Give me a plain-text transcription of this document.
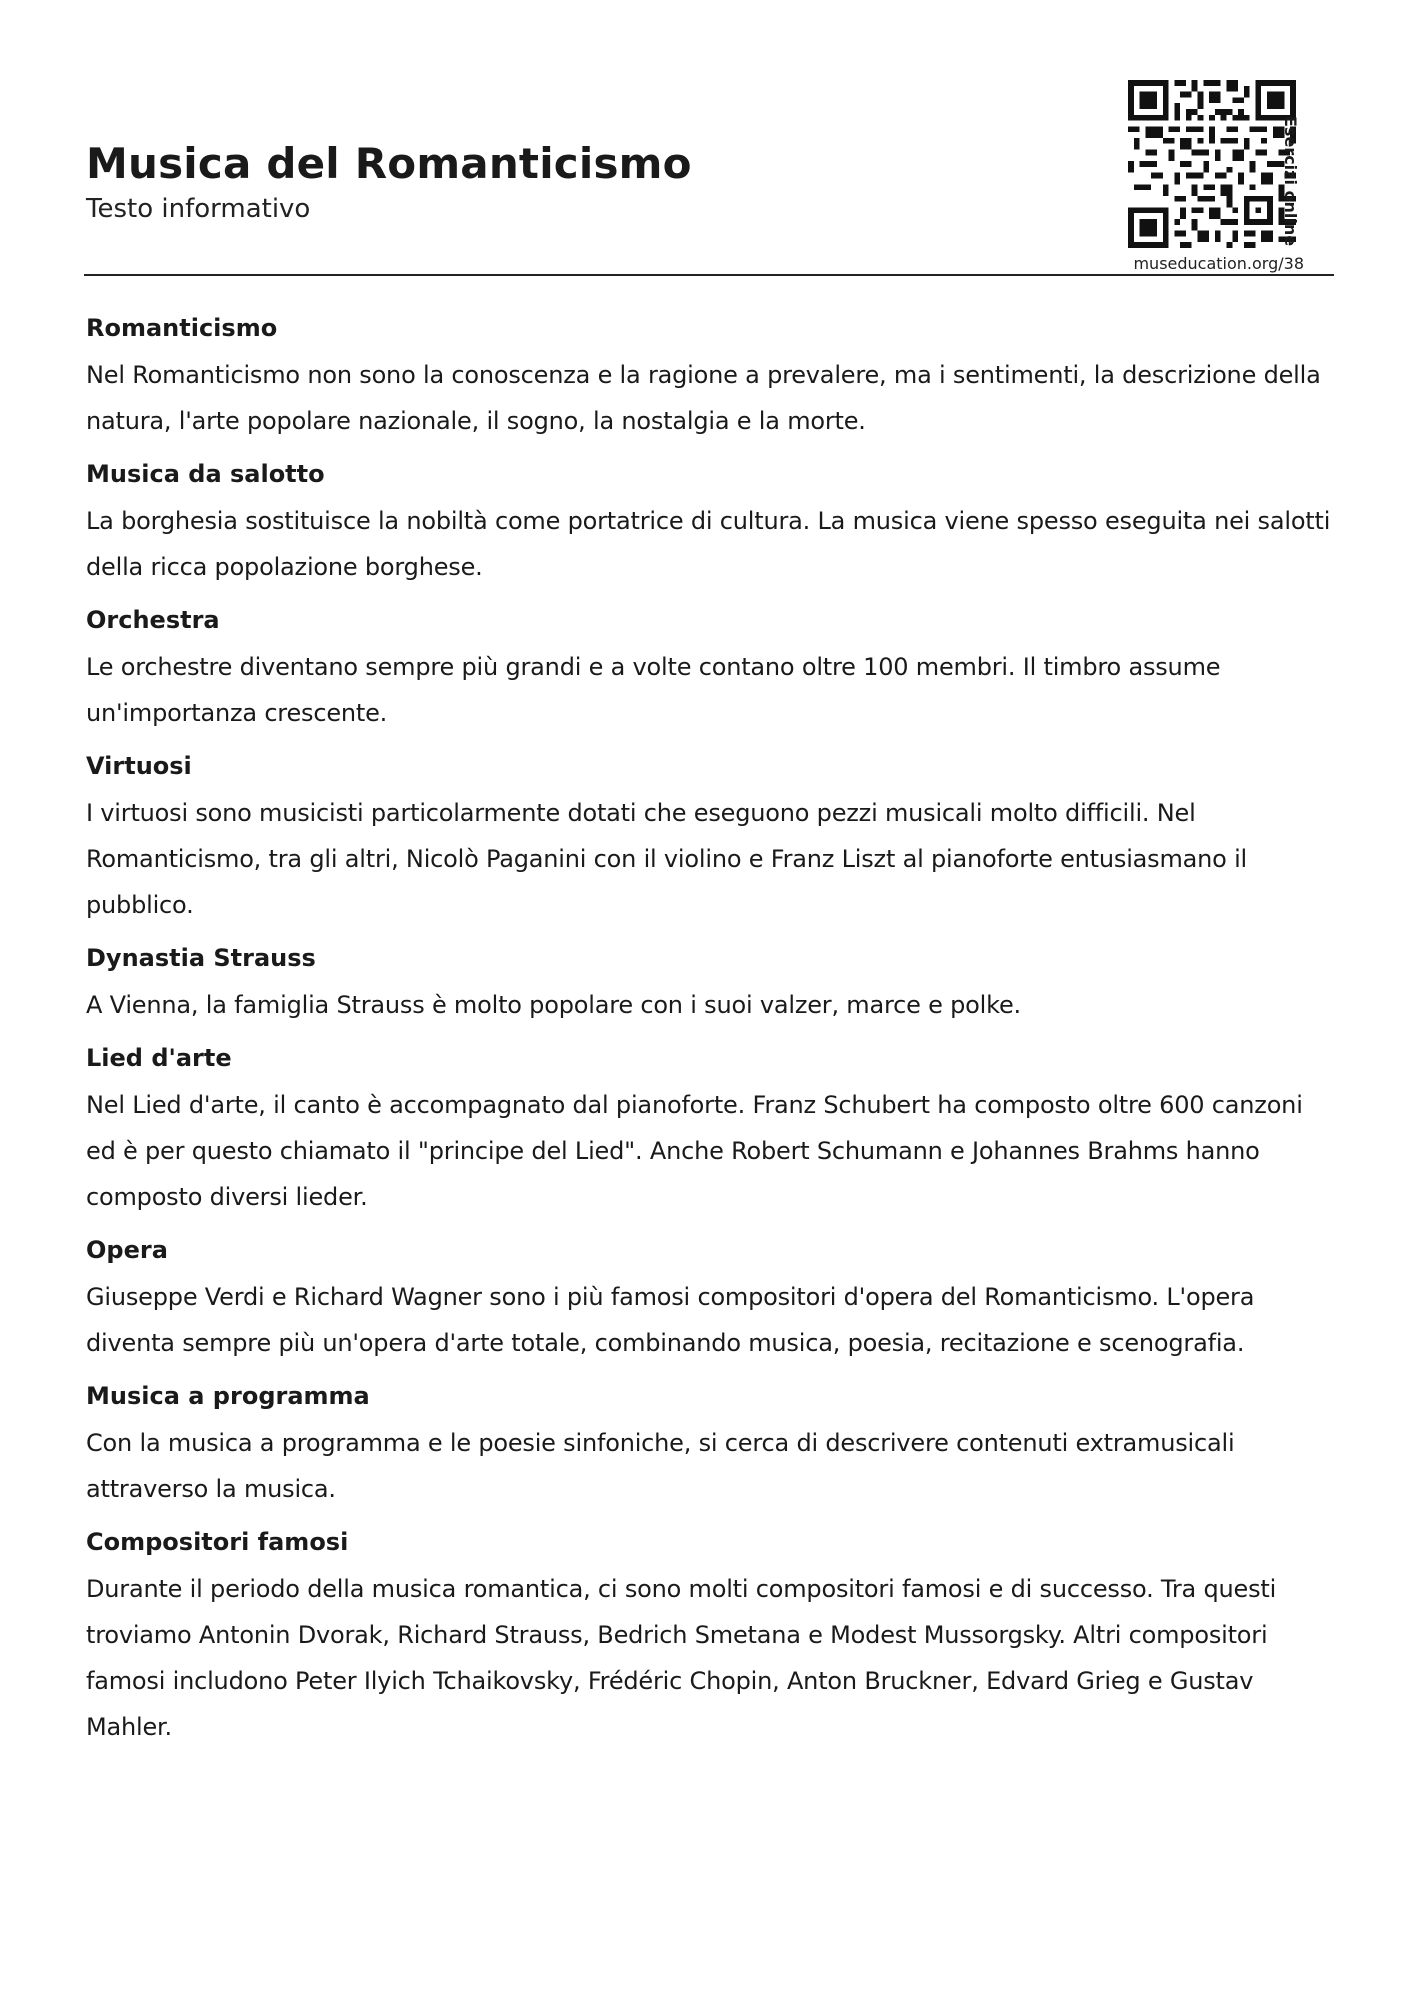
Musica del Romanticismo

Testo informativo	Esercizi online
museducation.org/38
Romanticismo

Nel Romanticismo non sono la conoscenza e la ragione a prevalere, ma i sentimenti, la descrizione della natura, l'arte popolare nazionale, il sogno, la nostalgia e la morte.

Musica da salotto

La borghesia sostituisce la nobiltà come portatrice di cultura. La musica viene spesso eseguita nei salotti della ricca popolazione borghese.

Orchestra

Le orchestre diventano sempre più grandi e a volte contano oltre 100 membri. Il timbro assume un'importanza crescente.

Virtuosi

I virtuosi sono musicisti particolarmente dotati che eseguono pezzi musicali molto difficili. Nel Romanticismo, tra gli altri, Nicolò Paganini con il violino e Franz Liszt al pianoforte entusiasmano il pubblico.

Dynastia Strauss

A Vienna, la famiglia Strauss è molto popolare con i suoi valzer, marce e polke.

Lied d'arte

Nel Lied d'arte, il canto è accompagnato dal pianoforte. Franz Schubert ha composto oltre 600 canzoni ed è per questo chiamato il "principe del Lied". Anche Robert Schumann e Johannes Brahms hanno composto diversi lieder.

Opera

Giuseppe Verdi e Richard Wagner sono i più famosi compositori d'opera del Romanticismo. L'opera diventa sempre più un'opera d'arte totale, combinando musica, poesia, recitazione e scenografia.

Musica a programma

Con la musica a programma e le poesie sinfoniche, si cerca di descrivere contenuti extramusicali attraverso la musica.

Compositori famosi

Durante il periodo della musica romantica, ci sono molti compositori famosi e di successo. Tra questi troviamo Antonin Dvorak, Richard Strauss, Bedrich Smetana e Modest Mussorgsky. Altri compositori famosi includono Peter Ilyich Tchaikovsky, Frédéric Chopin, Anton Bruckner, Edvard Grieg e Gustav Mahler.
